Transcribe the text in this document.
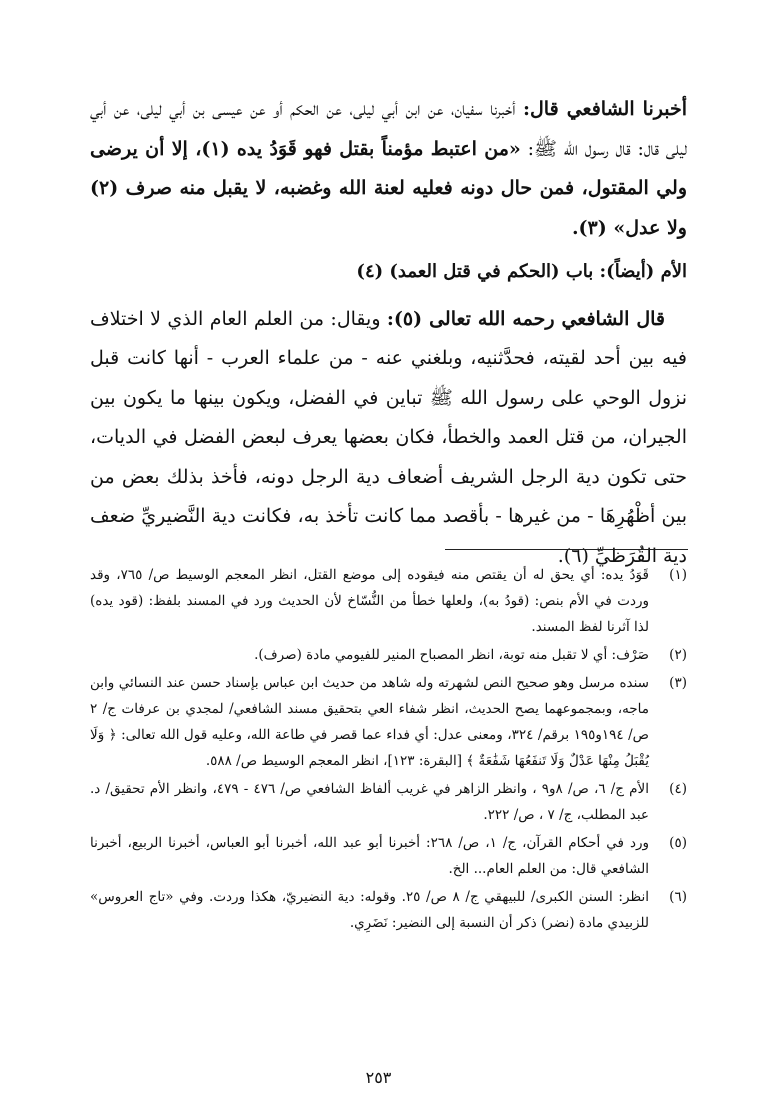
أخبرنا الشافعي قال: أخبرنا سفيان، عن ابن أبي ليلى، عن الحكم أو عن عيسى بن أبي ليلى، عن أبي ليلى قال: قال رسول الله ﷺ: «من اعتبط مؤمناً بقتل فهو قَوَدُ يده (١)، إلا أن يرضى ولي المقتول، فمن حال دونه فعليه لعنة الله وغضبه، لا يقبل منه صرف (٢) ولا عدل» (٣).

الأم (أيضاً): باب (الحكم في قتل العمد) (٤)

قال الشافعي رحمه الله تعالى (٥): ويقال: من العلم العام الذي لا اختلاف فيه بين أحد لقيته، فحدَّثنيه، وبلغني عنه - من علماء العرب - أنها كانت قبل نزول الوحي على رسول الله ﷺ تباين في الفضل، ويكون بينها ما يكون بين الجيران، من قتل العمد والخطأ، فكان بعضها يعرف لبعض الفضل في الديات، حتى تكون دية الرجل الشريف أضعاف دية الرجل دونه، فأخذ بذلك بعض من بين أظْهُرِهَا - من غيرها - بأقصد مما كانت تأخذ به، فكانت دية النَّضيريِّ ضعف دية القُرَظيِّ (٦).

(١)
قَوَدُ يده: أي يحق له أن يقتص منه فيقوده إلى موضع القتل، انظر المعجم الوسيط ص/ ٧٦٥، وقد وردت في الأم بنص: (قودُ به)، ولعلها خطأ من النُّسّاخ لأن الحديث ورد في المسند بلفظ: (قود يده) لذا آثرنا لفظ المسند.
(٢)
صَرْف: أي لا تقبل منه توبة، انظر المصباح المنير للفيومي مادة (صرف).
(٣)
سنده مرسل وهو صحيح النص لشهرته وله شاهد من حديث ابن عباس بإسناد حسن عند النسائي وابن ماجه، وبمجموعهما يصح الحديث، انظر شفاء العي بتحقيق مسند الشافعي/ لمجدي بن عرفات ج/ ٢ ص/ ١٩٤و١٩٥ برقم/ ٣٢٤، ومعنى عدل: أي فداء عما قصر في طاعة الله، وعليه قول الله تعالى: ﴿ وَلَا يُقْبَلُ مِنْهَا عَدْلٌ وَلَا تَنفَعُهَا شَفَٰعَةٌ ﴾ [البقرة: ١٢٣]، انظر المعجم الوسيط ص/ ٥٨٨.
(٤)
الأم ج/ ٦، ص/ ٨و٩ ، وانظر الزاهر في غريب ألفاظ الشافعي ص/ ٤٧٦ - ٤٧٩، وانظر الأم تحقيق/ د. عبد المطلب، ج/ ٧ ، ص/ ٢٢٢.
(٥)
ورد في أحكام القرآن، ج/ ١، ص/ ٢٦٨: أخبرنا أبو عبد الله، أخبرنا أبو العباس، أخبرنا الربيع، أخبرنا الشافعي قال: من العلم العام... الخ.
(٦)
انظر: السنن الكبرى/ للبيهقي ج/ ٨ ص/ ٢٥. وقوله: دية النضيريّ، هكذا وردت. وفي «تاج العروس» للزبيدي مادة (نضر) ذكر أن النسبة إلى النضير: نَضَرِي.
٢٥٣
